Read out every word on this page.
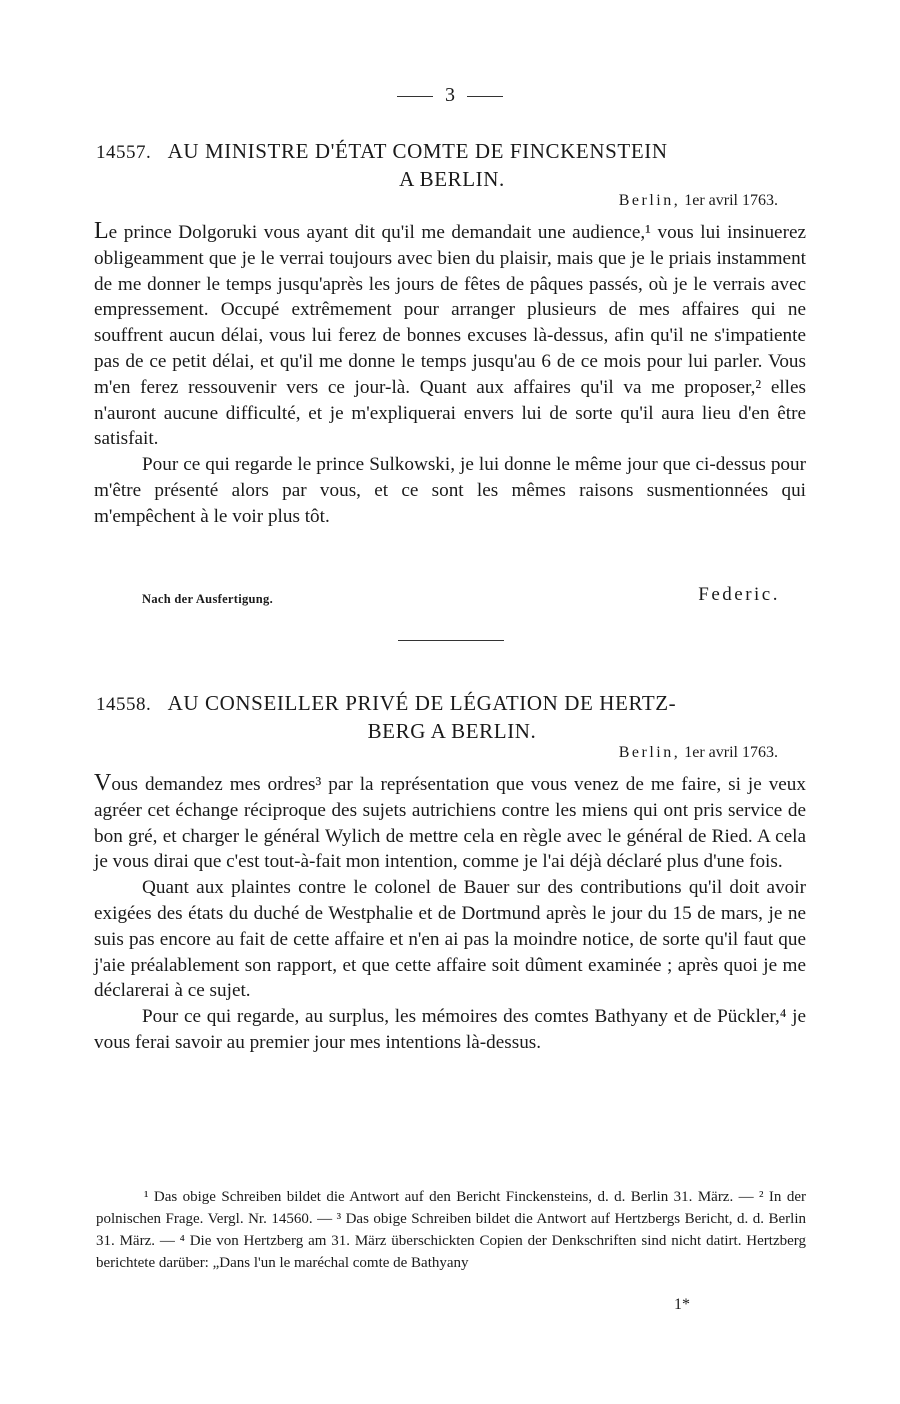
3
14557. AU MINISTRE D'ÉTAT COMTE DE FINCKENSTEIN
A BERLIN.
Berlin, 1er avril 1763.

Le prince Dolgoruki vous ayant dit qu'il me demandait une audience,¹ vous lui insinuerez obligeamment que je le verrai toujours avec bien du plaisir, mais que je le priais instamment de me donner le temps jusqu'après les jours de fêtes de pâques passés, où je le verrais avec empressement. Occupé extrêmement pour arranger plusieurs de mes affaires qui ne souffrent aucun délai, vous lui ferez de bonnes excuses là-dessus, afin qu'il ne s'impatiente pas de ce petit délai, et qu'il me donne le temps jusqu'au 6 de ce mois pour lui parler. Vous m'en ferez ressouvenir vers ce jour-là. Quant aux affaires qu'il va me proposer,² elles n'auront aucune difficulté, et je m'expliquerai envers lui de sorte qu'il aura lieu d'en être satisfait.

Pour ce qui regarde le prince Sulkowski, je lui donne le même jour que ci-dessus pour m'être présenté alors par vous, et ce sont les mêmes raisons susmentionnées qui m'empêchent à le voir plus tôt.

Nach der Ausfertigung.	Federic.
14558. AU CONSEILLER PRIVÉ DE LÉGATION DE HERTZ-
BERG A BERLIN.
Berlin, 1er avril 1763.

Vous demandez mes ordres³ par la représentation que vous venez de me faire, si je veux agréer cet échange réciproque des sujets autrichiens contre les miens qui ont pris service de bon gré, et charger le général Wylich de mettre cela en règle avec le général de Ried. A cela je vous dirai que c'est tout-à-fait mon intention, comme je l'ai déjà déclaré plus d'une fois.

Quant aux plaintes contre le colonel de Bauer sur des contributions qu'il doit avoir exigées des états du duché de Westphalie et de Dortmund après le jour du 15 de mars, je ne suis pas encore au fait de cette affaire et n'en ai pas la moindre notice, de sorte qu'il faut que j'aie préalablement son rapport, et que cette affaire soit dûment examinée ; après quoi je me déclarerai à ce sujet.

Pour ce qui regarde, au surplus, les mémoires des comtes Bathyany et de Pückler,⁴ je vous ferai savoir au premier jour mes intentions là-dessus.

¹ Das obige Schreiben bildet die Antwort auf den Bericht Finckensteins, d. d. Berlin 31. März. — ² In der polnischen Frage. Vergl. Nr. 14560. — ³ Das obige Schreiben bildet die Antwort auf Hertzbergs Bericht, d. d. Berlin 31. März. — ⁴ Die von Hertzberg am 31. März überschickten Copien der Denkschriften sind nicht datirt. Hertzberg berichtete darüber: „Dans l'un le maréchal comte de Bathyany

1*
